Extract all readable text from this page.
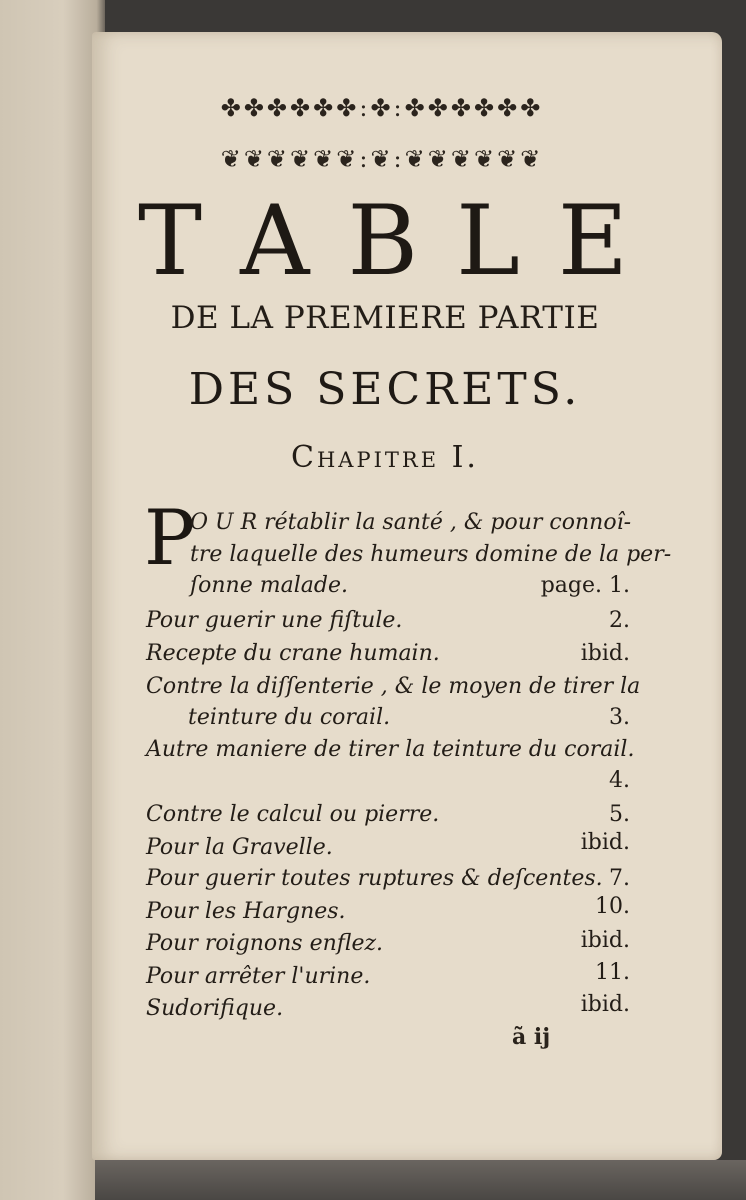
✤✤✤✤✤✤:✤:✤✤✤✤✤✤
❦❦❦❦❦❦:❦:❦❦❦❦❦❦
T A B L E
DE LA PREMIERE PARTIE
DES SECRETS.
Chapitre I.
P
O U R rétablir la santé , & pour connoî-
tre laquelle des humeurs domine de la per-
ſonne malade.	page. 1.
Pour guerir une fiſtule.	2.
Recepte du crane humain.	ibid.
Contre la diſſenterie , & le moyen de tirer la
teinture du corail.	3.
Autre maniere de tirer la teinture du corail.
4.
Contre le calcul ou pierre.	5.
Pour la Gravelle.	ibid.
Pour guerir toutes ruptures & deſcentes. 7.
Pour les Hargnes.	10.
Pour roignons enflez.	ibid.
Pour arrêter l'urine.	11.
Sudorifique.	ibid.
ã ij
